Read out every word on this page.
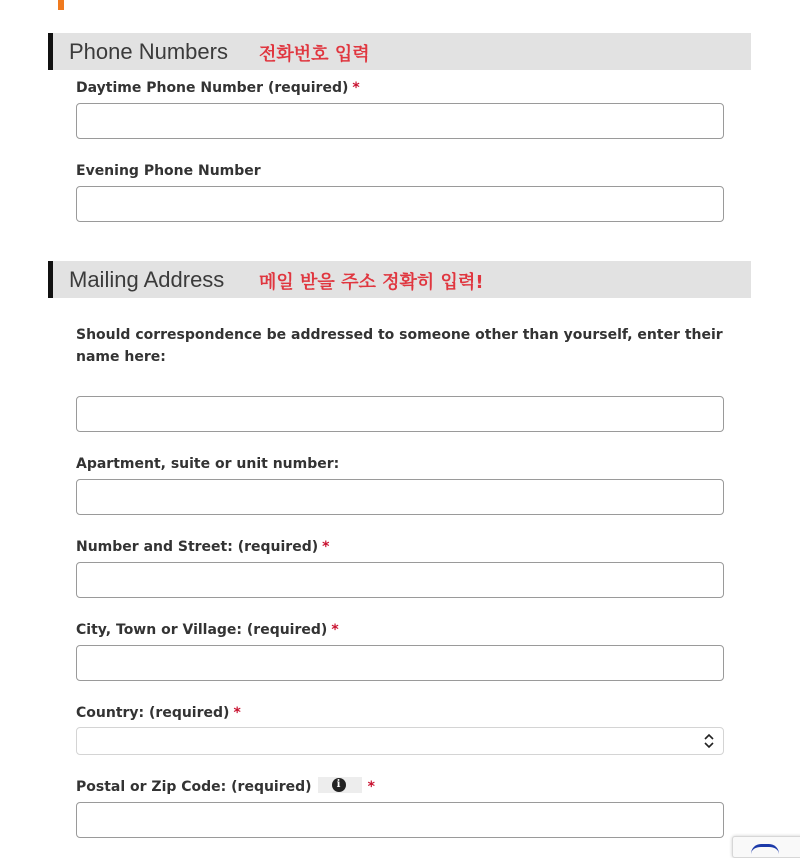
Phone Numbers 전화번호 입력
Daytime Phone Number (required) *
Evening Phone Number
Mailing Address 메일 받을 주소 정확히 입력!
Should correspondence be addressed to someone other than yourself, enter their name here:
Apartment, suite or unit number:
Number and Street: (required) *
City, Town or Village: (required) *
Country: (required) *
Postal or Zip Code: (required)	i	*
